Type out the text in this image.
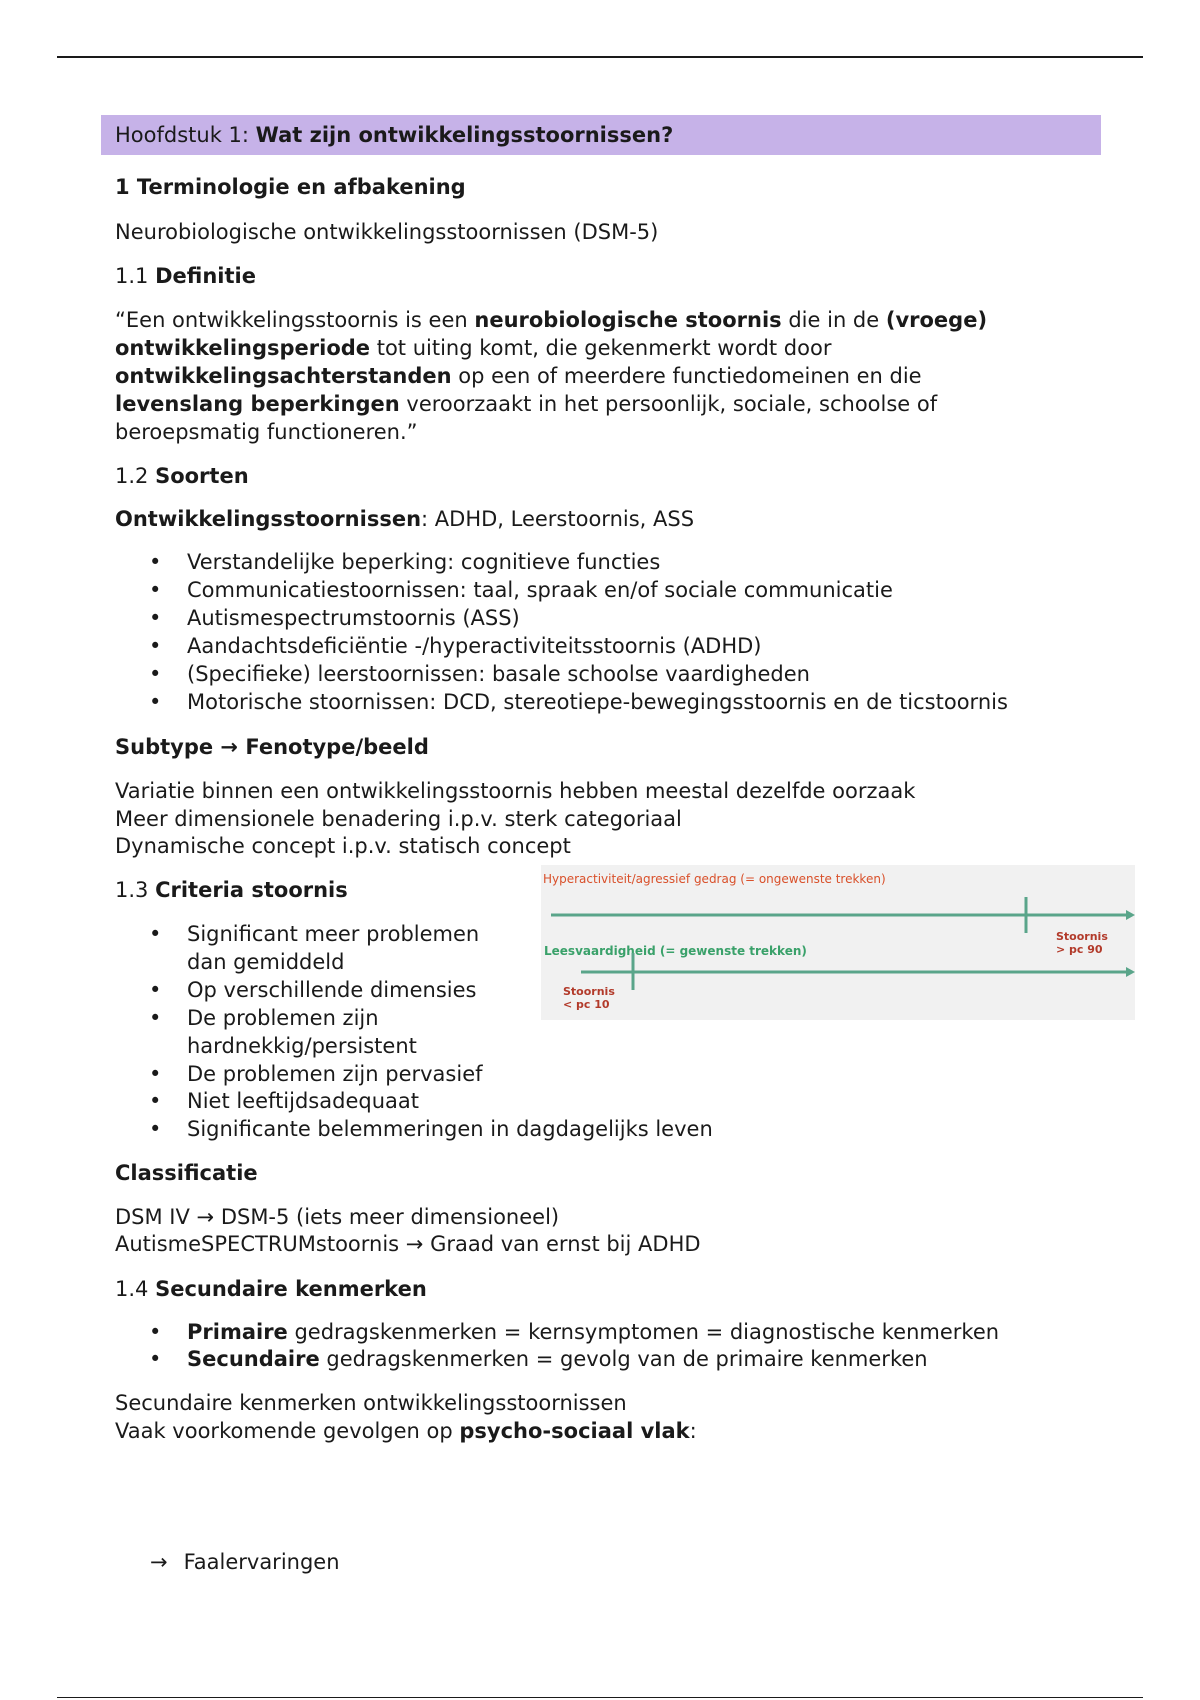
Hoofdstuk 1: Wat zijn ontwikkelingsstoornissen?
1 Terminologie en afbakening
Neurobiologische ontwikkelingsstoornissen (DSM-5)
1.1 Definitie
“Een ontwikkelingsstoornis is een neurobiologische stoornis die in de (vroege)
ontwikkelingsperiode tot uiting komt, die gekenmerkt wordt door
ontwikkelingsachterstanden op een of meerdere functiedomeinen en die
levenslang beperkingen veroorzaakt in het persoonlijk, sociale, schoolse of
beroepsmatig functioneren.”
1.2 Soorten
Ontwikkelingsstoornissen: ADHD, Leerstoornis, ASS
• Verstandelijke beperking: cognitieve functies
• Communicatiestoornissen: taal, spraak en/of sociale communicatie
• Autismespectrumstoornis (ASS)
• Aandachtsdeficiëntie -/hyperactiviteitsstoornis (ADHD)
• (Specifieke) leerstoornissen: basale schoolse vaardigheden
• Motorische stoornissen: DCD, stereotiepe-bewegingsstoornis en de ticstoornis
Subtype → Fenotype/beeld
Variatie binnen een ontwikkelingsstoornis hebben meestal dezelfde oorzaak
Meer dimensionele benadering i.p.v. sterk categoriaal
Dynamische concept i.p.v. statisch concept
1.3 Criteria stoornis
• Significant meer problemen
dan gemiddeld
• Op verschillende dimensies
• De problemen zijn
hardnekkig/persistent
• De problemen zijn pervasief
• Niet leeftijdsadequaat
• Significante belemmeringen in dagdagelijks leven
Hyperactiviteit/agressief gedrag (= ongewenste trekken)
Stoornis
> pc 90
Leesvaardigheid (= gewenste trekken)
Stoornis
< pc 10
Classificatie
DSM IV → DSM-5 (iets meer dimensioneel)
AutismeSPECTRUMstoornis → Graad van ernst bij ADHD
1.4 Secundaire kenmerken
• Primaire gedragskenmerken = kernsymptomen = diagnostische kenmerken
• Secundaire gedragskenmerken = gevolg van de primaire kenmerken
Secundaire kenmerken ontwikkelingsstoornissen
Vaak voorkomende gevolgen op psycho-sociaal vlak:
→ Faalervaringen
